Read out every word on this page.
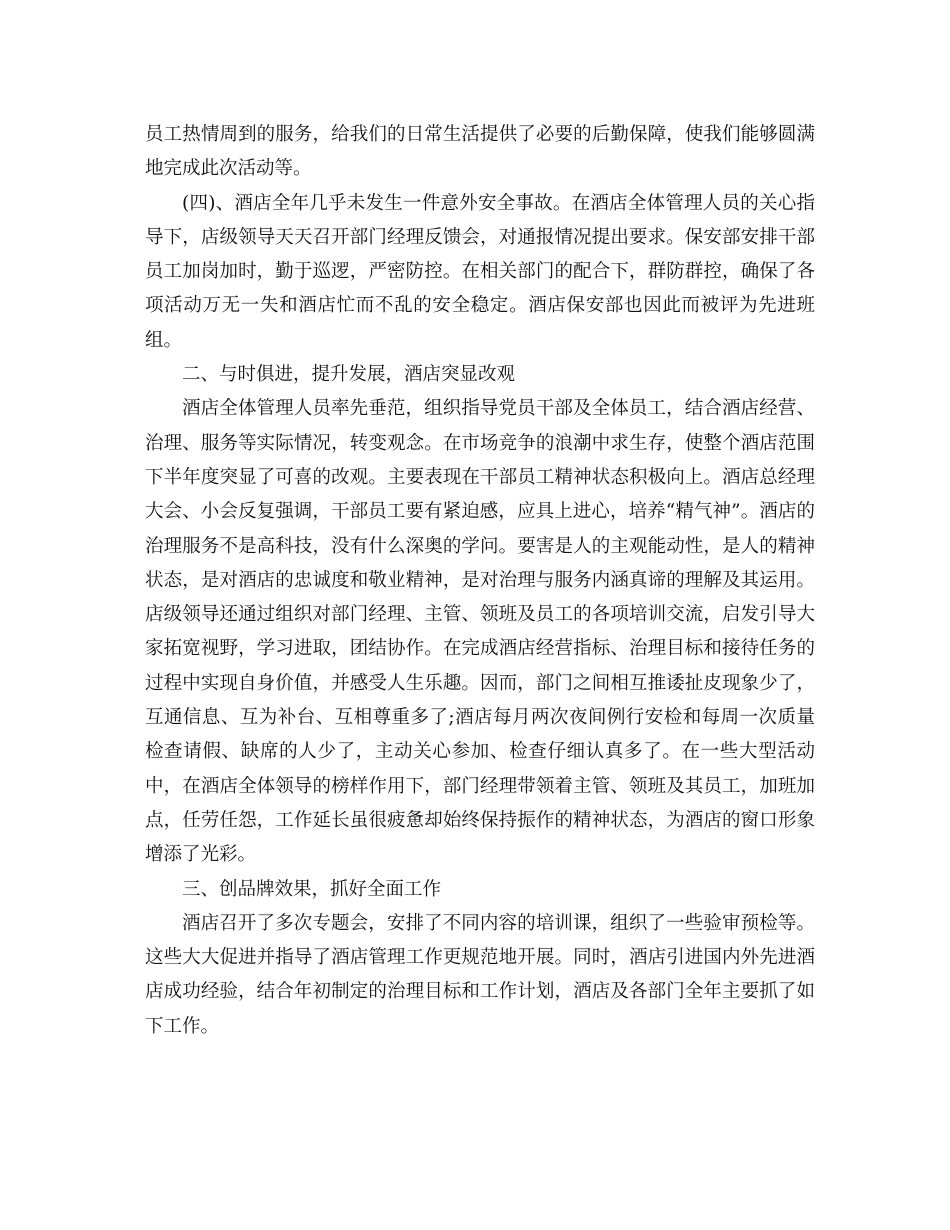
员工热情周到的服务，给我们的日常生活提供了必要的后勤保障，使我们能够圆满地完成此次活动等。

(四)、酒店全年几乎未发生一件意外安全事故。在酒店全体管理人员的关心指导下，店级领导天天召开部门经理反馈会，对通报情况提出要求。保安部安排干部员工加岗加时，勤于巡逻，严密防控。在相关部门的配合下，群防群控，确保了各项活动万无一失和酒店忙而不乱的安全稳定。酒店保安部也因此而被评为先进班组。

二、与时俱进，提升发展，酒店突显改观

酒店全体管理人员率先垂范，组织指导党员干部及全体员工，结合酒店经营、治理、服务等实际情况，转变观念。在市场竞争的浪潮中求生存，使整个酒店范围下半年度突显了可喜的改观。主要表现在干部员工精神状态积极向上。酒店总经理大会、小会反复强调，干部员工要有紧迫感，应具上进心，培养“精气神”。酒店的治理服务不是高科技，没有什么深奥的学问。要害是人的主观能动性，是人的精神状态，是对酒店的忠诚度和敬业精神，是对治理与服务内涵真谛的理解及其运用。店级领导还通过组织对部门经理、主管、领班及员工的各项培训交流，启发引导大家拓宽视野，学习进取，团结协作。在完成酒店经营指标、治理目标和接待任务的过程中实现自身价值，并感受人生乐趣。因而，部门之间相互推诿扯皮现象少了，互通信息、互为补台、互相尊重多了;酒店每月两次夜间例行安检和每周一次质量检查请假、缺席的人少了，主动关心参加、检查仔细认真多了。在一些大型活动中，在酒店全体领导的榜样作用下，部门经理带领着主管、领班及其员工，加班加点，任劳任怨，工作延长虽很疲惫却始终保持振作的精神状态，为酒店的窗口形象增添了光彩。

三、创品牌效果，抓好全面工作

酒店召开了多次专题会，安排了不同内容的培训课，组织了一些验审预检等。这些大大促进并指导了酒店管理工作更规范地开展。同时，酒店引进国内外先进酒店成功经验，结合年初制定的治理目标和工作计划，酒店及各部门全年主要抓了如下工作。
